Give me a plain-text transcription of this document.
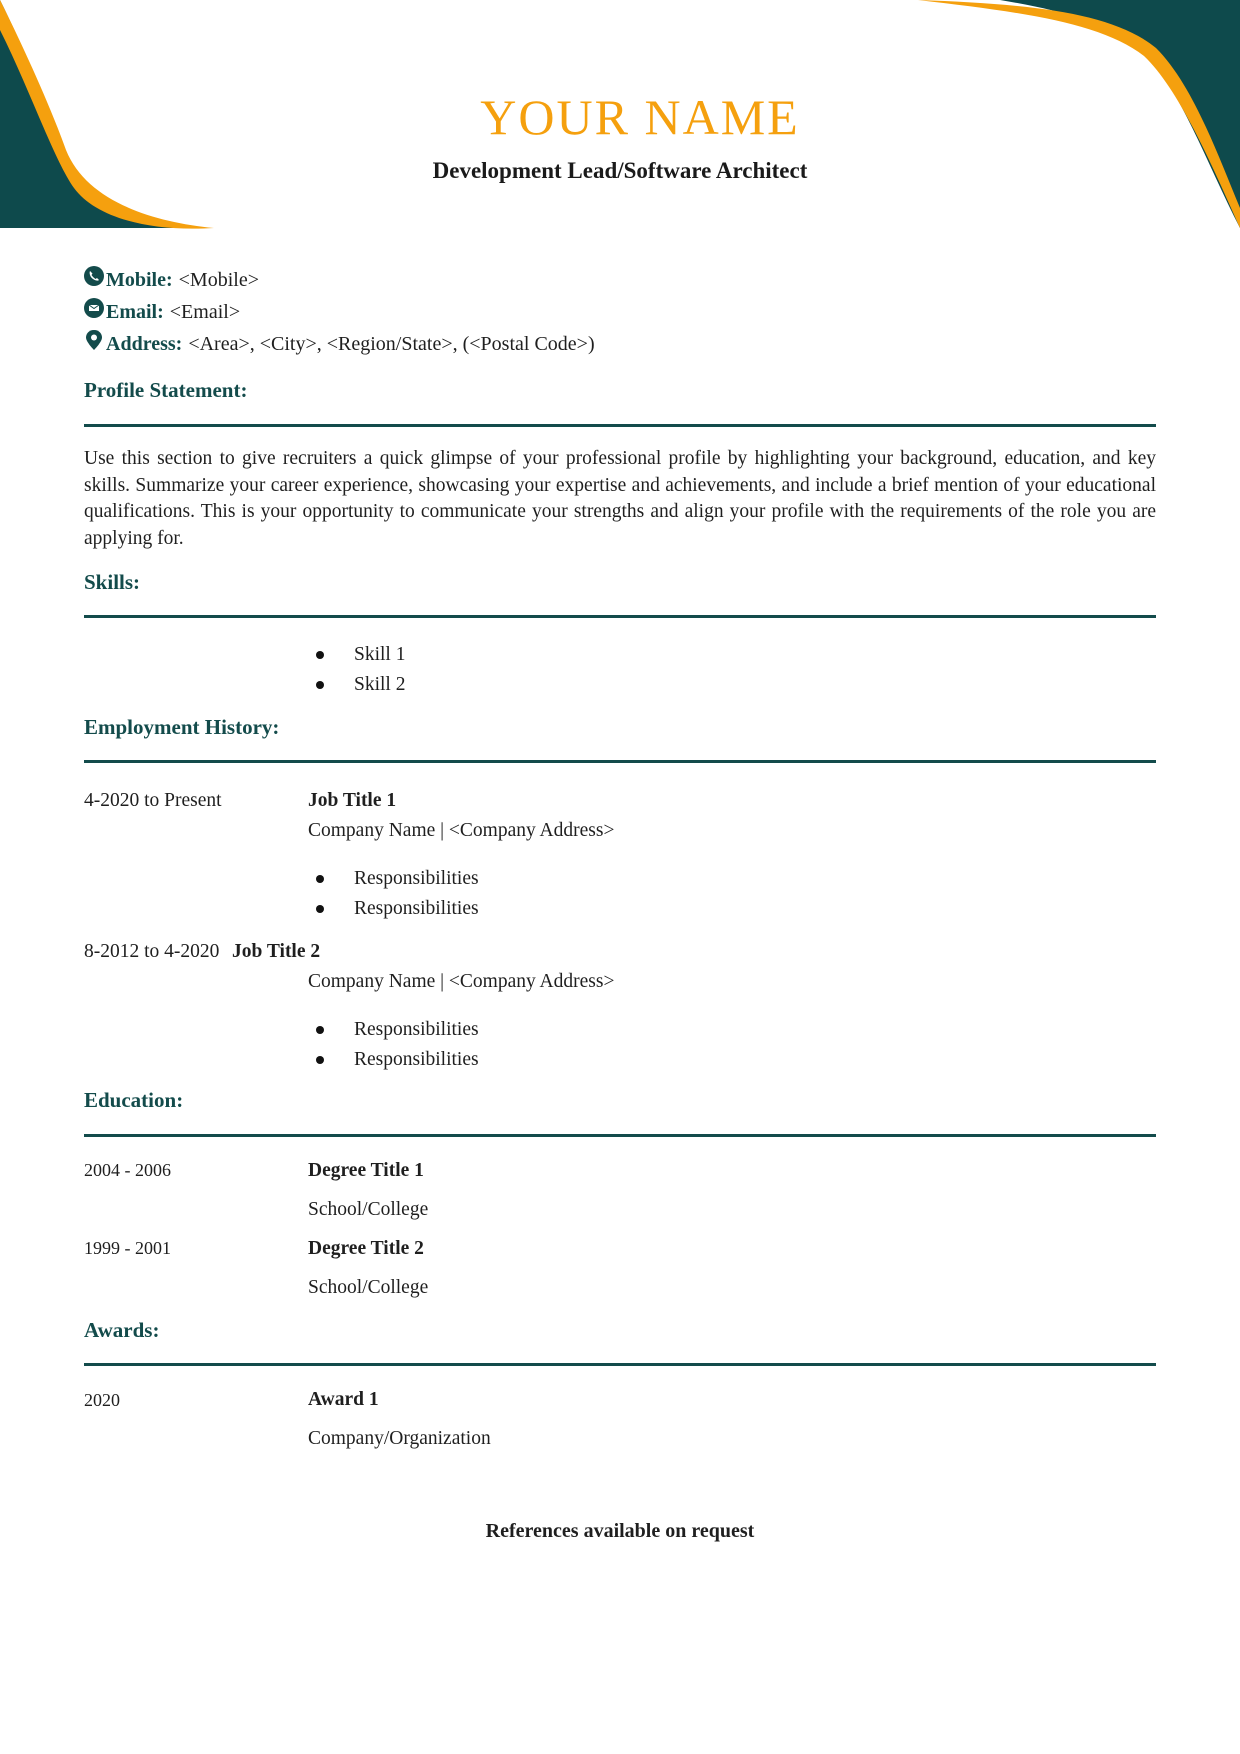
YOUR NAME
Development Lead/Software Architect
Mobile: <Mobile>
Email: <Email>
Address: <Area>, <City>, <Region/State>, (<Postal Code>)
Profile Statement:
Use this section to give recruiters a quick glimpse of your professional profile by highlighting your background, education, and key skills. Summarize your career experience, showcasing your expertise and achievements, and include a brief mention of your educational qualifications. This is your opportunity to communicate your strengths and align your profile with the requirements of the role you are applying for.
Skills:
Skill 1
Skill 2
Employment History:
4-2020 to Present	Job Title 1
Company Name | <Company Address>
Responsibilities
Responsibilities
8-2012 to 4-2020 Job Title 2
Company Name | <Company Address>
Responsibilities
Responsibilities
Education:
2004 - 2006	Degree Title 1
School/College
1999 - 2001	Degree Title 2
School/College
Awards:
2020	Award 1
Company/Organization
References available on request
